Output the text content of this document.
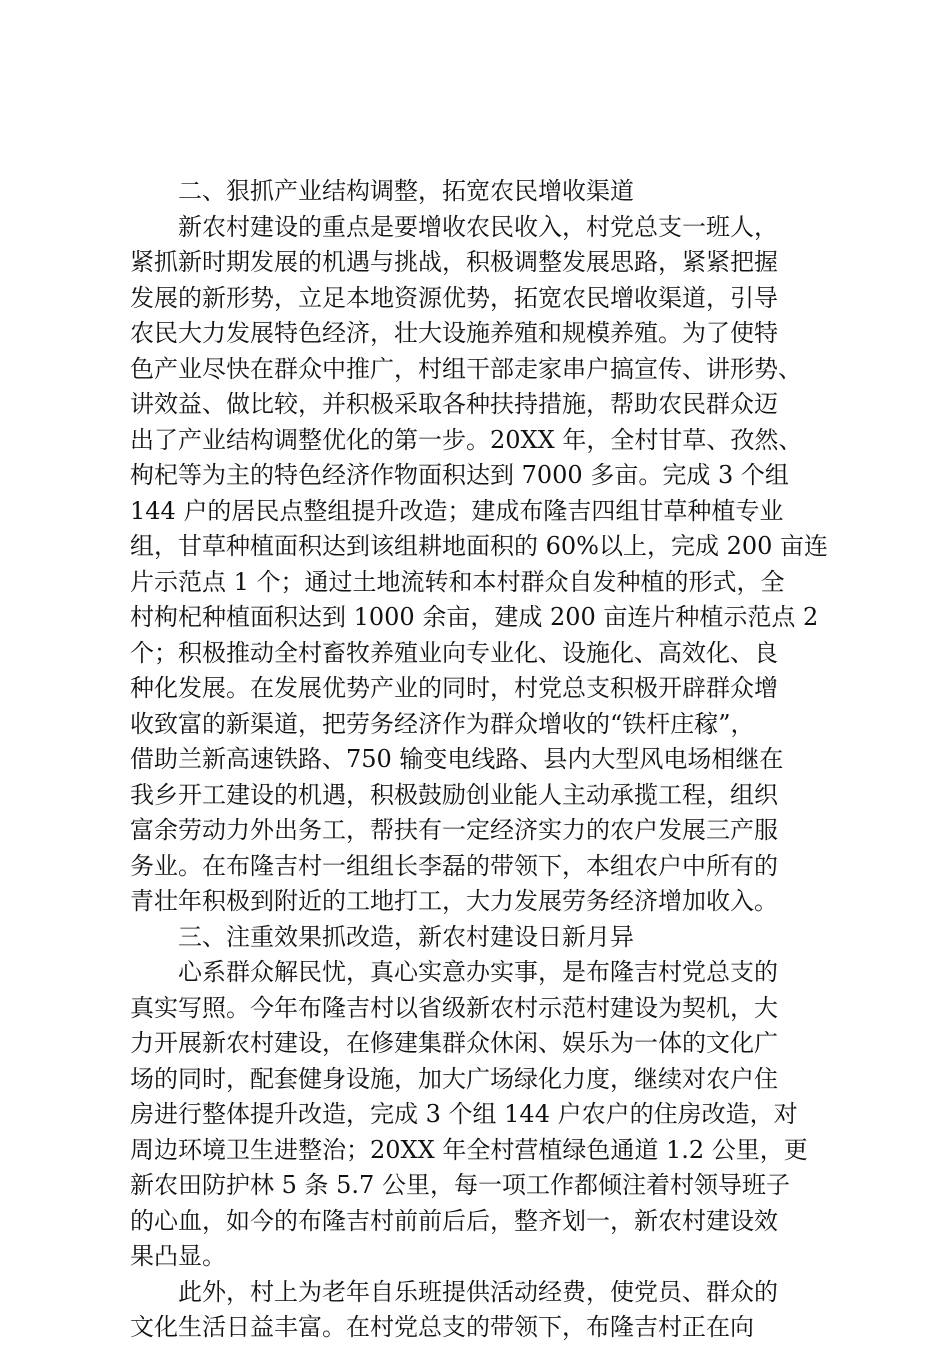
二、狠抓产业结构调整，拓宽农民增收渠道
新农村建设的重点是要增收农民收入，村党总支一班人，
紧抓新时期发展的机遇与挑战，积极调整发展思路，紧紧把握
发展的新形势，立足本地资源优势，拓宽农民增收渠道，引导
农民大力发展特色经济，壮大设施养殖和规模养殖。为了使特
色产业尽快在群众中推广，村组干部走家串户搞宣传、讲形势、
讲效益、做比较，并积极采取各种扶持措施，帮助农民群众迈
出了产业结构调整优化的第一步。20XX 年，全村甘草、孜然、
枸杞等为主的特色经济作物面积达到 7000 多亩。完成 3 个组
144 户的居民点整组提升改造；建成布隆吉四组甘草种植专业
组，甘草种植面积达到该组耕地面积的 60%以上，完成 200 亩连
片示范点 1 个；通过土地流转和本村群众自发种植的形式，全
村枸杞种植面积达到 1000 余亩，建成 200 亩连片种植示范点 2
个；积极推动全村畜牧养殖业向专业化、设施化、高效化、良
种化发展。在发展优势产业的同时，村党总支积极开辟群众增
收致富的新渠道，把劳务经济作为群众增收的“铁杆庄稼”，
借助兰新高速铁路、750 输变电线路、县内大型风电场相继在
我乡开工建设的机遇，积极鼓励创业能人主动承揽工程，组织
富余劳动力外出务工，帮扶有一定经济实力的农户发展三产服
务业。在布隆吉村一组组长李磊的带领下，本组农户中所有的
青壮年积极到附近的工地打工，大力发展劳务经济增加收入。
三、注重效果抓改造，新农村建设日新月异
心系群众解民忧，真心实意办实事，是布隆吉村党总支的
真实写照。今年布隆吉村以省级新农村示范村建设为契机，大
力开展新农村建设，在修建集群众休闲、娱乐为一体的文化广
场的同时，配套健身设施，加大广场绿化力度，继续对农户住
房进行整体提升改造，完成 3 个组 144 户农户的住房改造，对
周边环境卫生进整治；20XX 年全村营植绿色通道 1.2 公里，更
新农田防护林 5 条 5.7 公里，每一项工作都倾注着村领导班子
的心血，如今的布隆吉村前前后后，整齐划一，新农村建设效
果凸显。
此外，村上为老年自乐班提供活动经费，使党员、群众的
文化生活日益丰富。在村党总支的带领下，布隆吉村正在向
